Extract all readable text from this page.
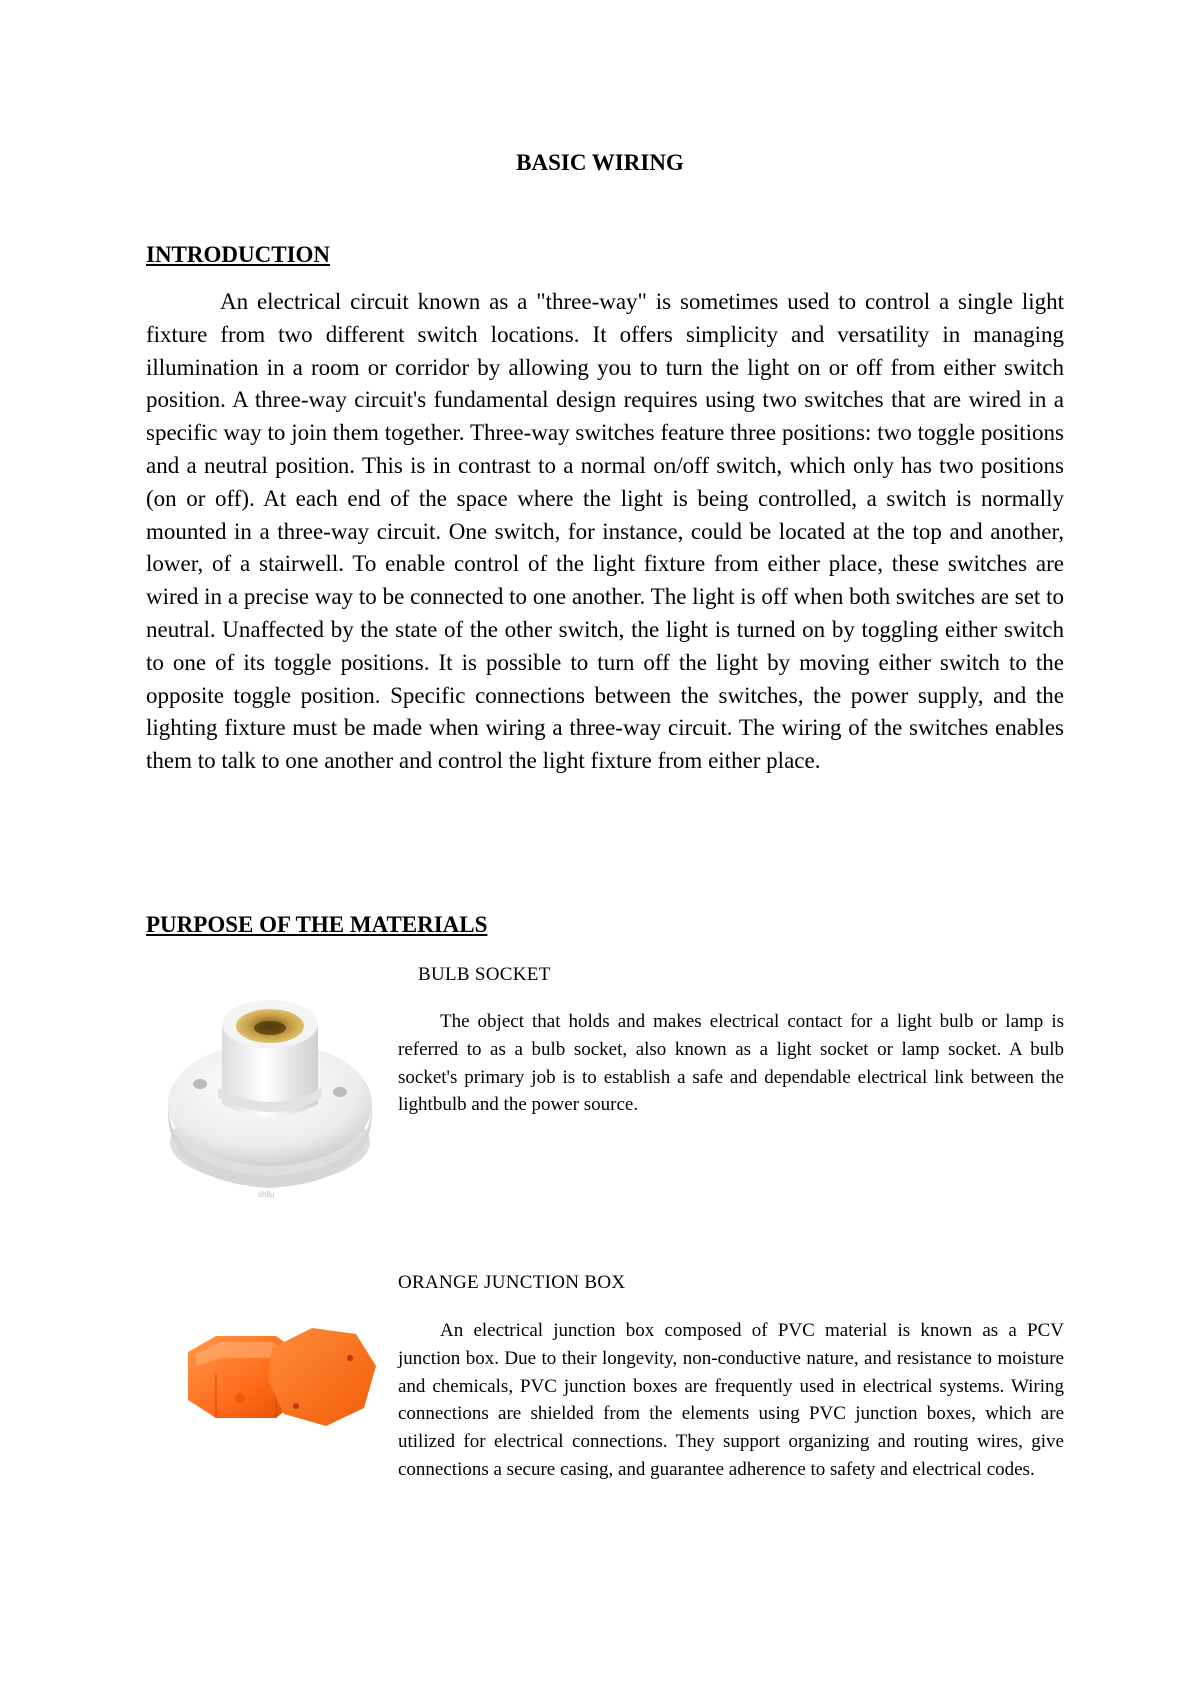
BASIC WIRING
INTRODUCTION

An electrical circuit known as a "three-way" is sometimes used to control a single light fixture from two different switch locations. It offers simplicity and versatility in managing illumination in a room or corridor by allowing you to turn the light on or off from either switch position. A three-way circuit's fundamental design requires using two switches that are wired in a specific way to join them together. Three-way switches feature three positions: two toggle positions and a neutral position. This is in contrast to a normal on/off switch, which only has two positions (on or off). At each end of the space where the light is being controlled, a switch is normally mounted in a three-way circuit. One switch, for instance, could be located at the top and another, lower, of a stairwell. To enable control of the light fixture from either place, these switches are wired in a precise way to be connected to one another. The light is off when both switches are set to neutral. Unaffected by the state of the other switch, the light is turned on by toggling either switch to one of its toggle positions. It is possible to turn off the light by moving either switch to the opposite toggle position. Specific connections between the switches, the power supply, and the lighting fixture must be made when wiring a three-way circuit. The wiring of the switches enables them to talk to one another and control the light fixture from either place.

PURPOSE OF THE MATERIALS
BULB SOCKET
shilu

The object that holds and makes electrical contact for a light bulb or lamp is referred to as a bulb socket, also known as a light socket or lamp socket. A bulb socket's primary job is to establish a safe and dependable electrical link between the lightbulb and the power source.

ORANGE JUNCTION BOX

An electrical junction box composed of PVC material is known as a PCV junction box. Due to their longevity, non-conductive nature, and resistance to moisture and chemicals, PVC junction boxes are frequently used in electrical systems. Wiring connections are shielded from the elements using PVC junction boxes, which are utilized for electrical connections. They support organizing and routing wires, give connections a secure casing, and guarantee adherence to safety and electrical codes.
